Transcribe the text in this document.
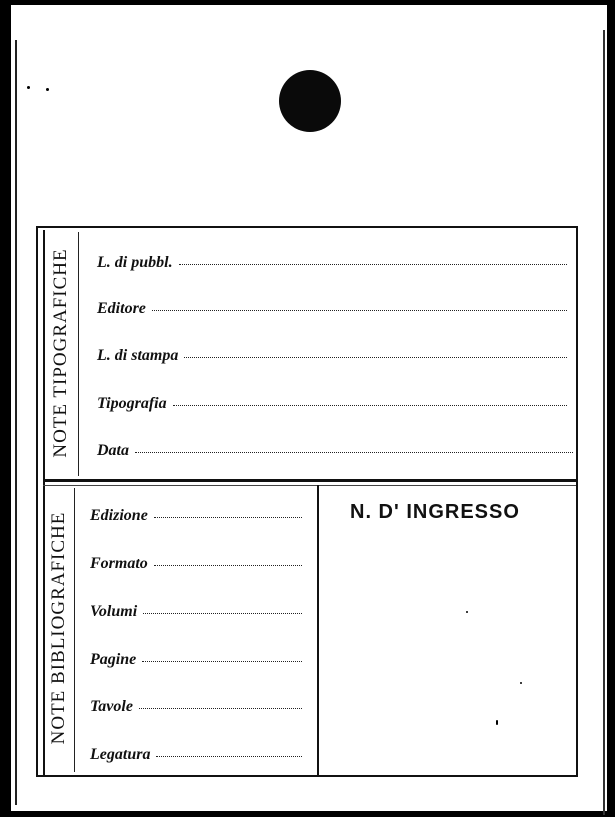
NOTE TIPOGRAFICHE L. di pubbl.
Editore
L. di stampa
Tipografia
Data
NOTE BIBLIOGRAFICHE Edizione
Formato
Volumi
Pagine
Tavole
Legatura
N. D' INGRESSO
